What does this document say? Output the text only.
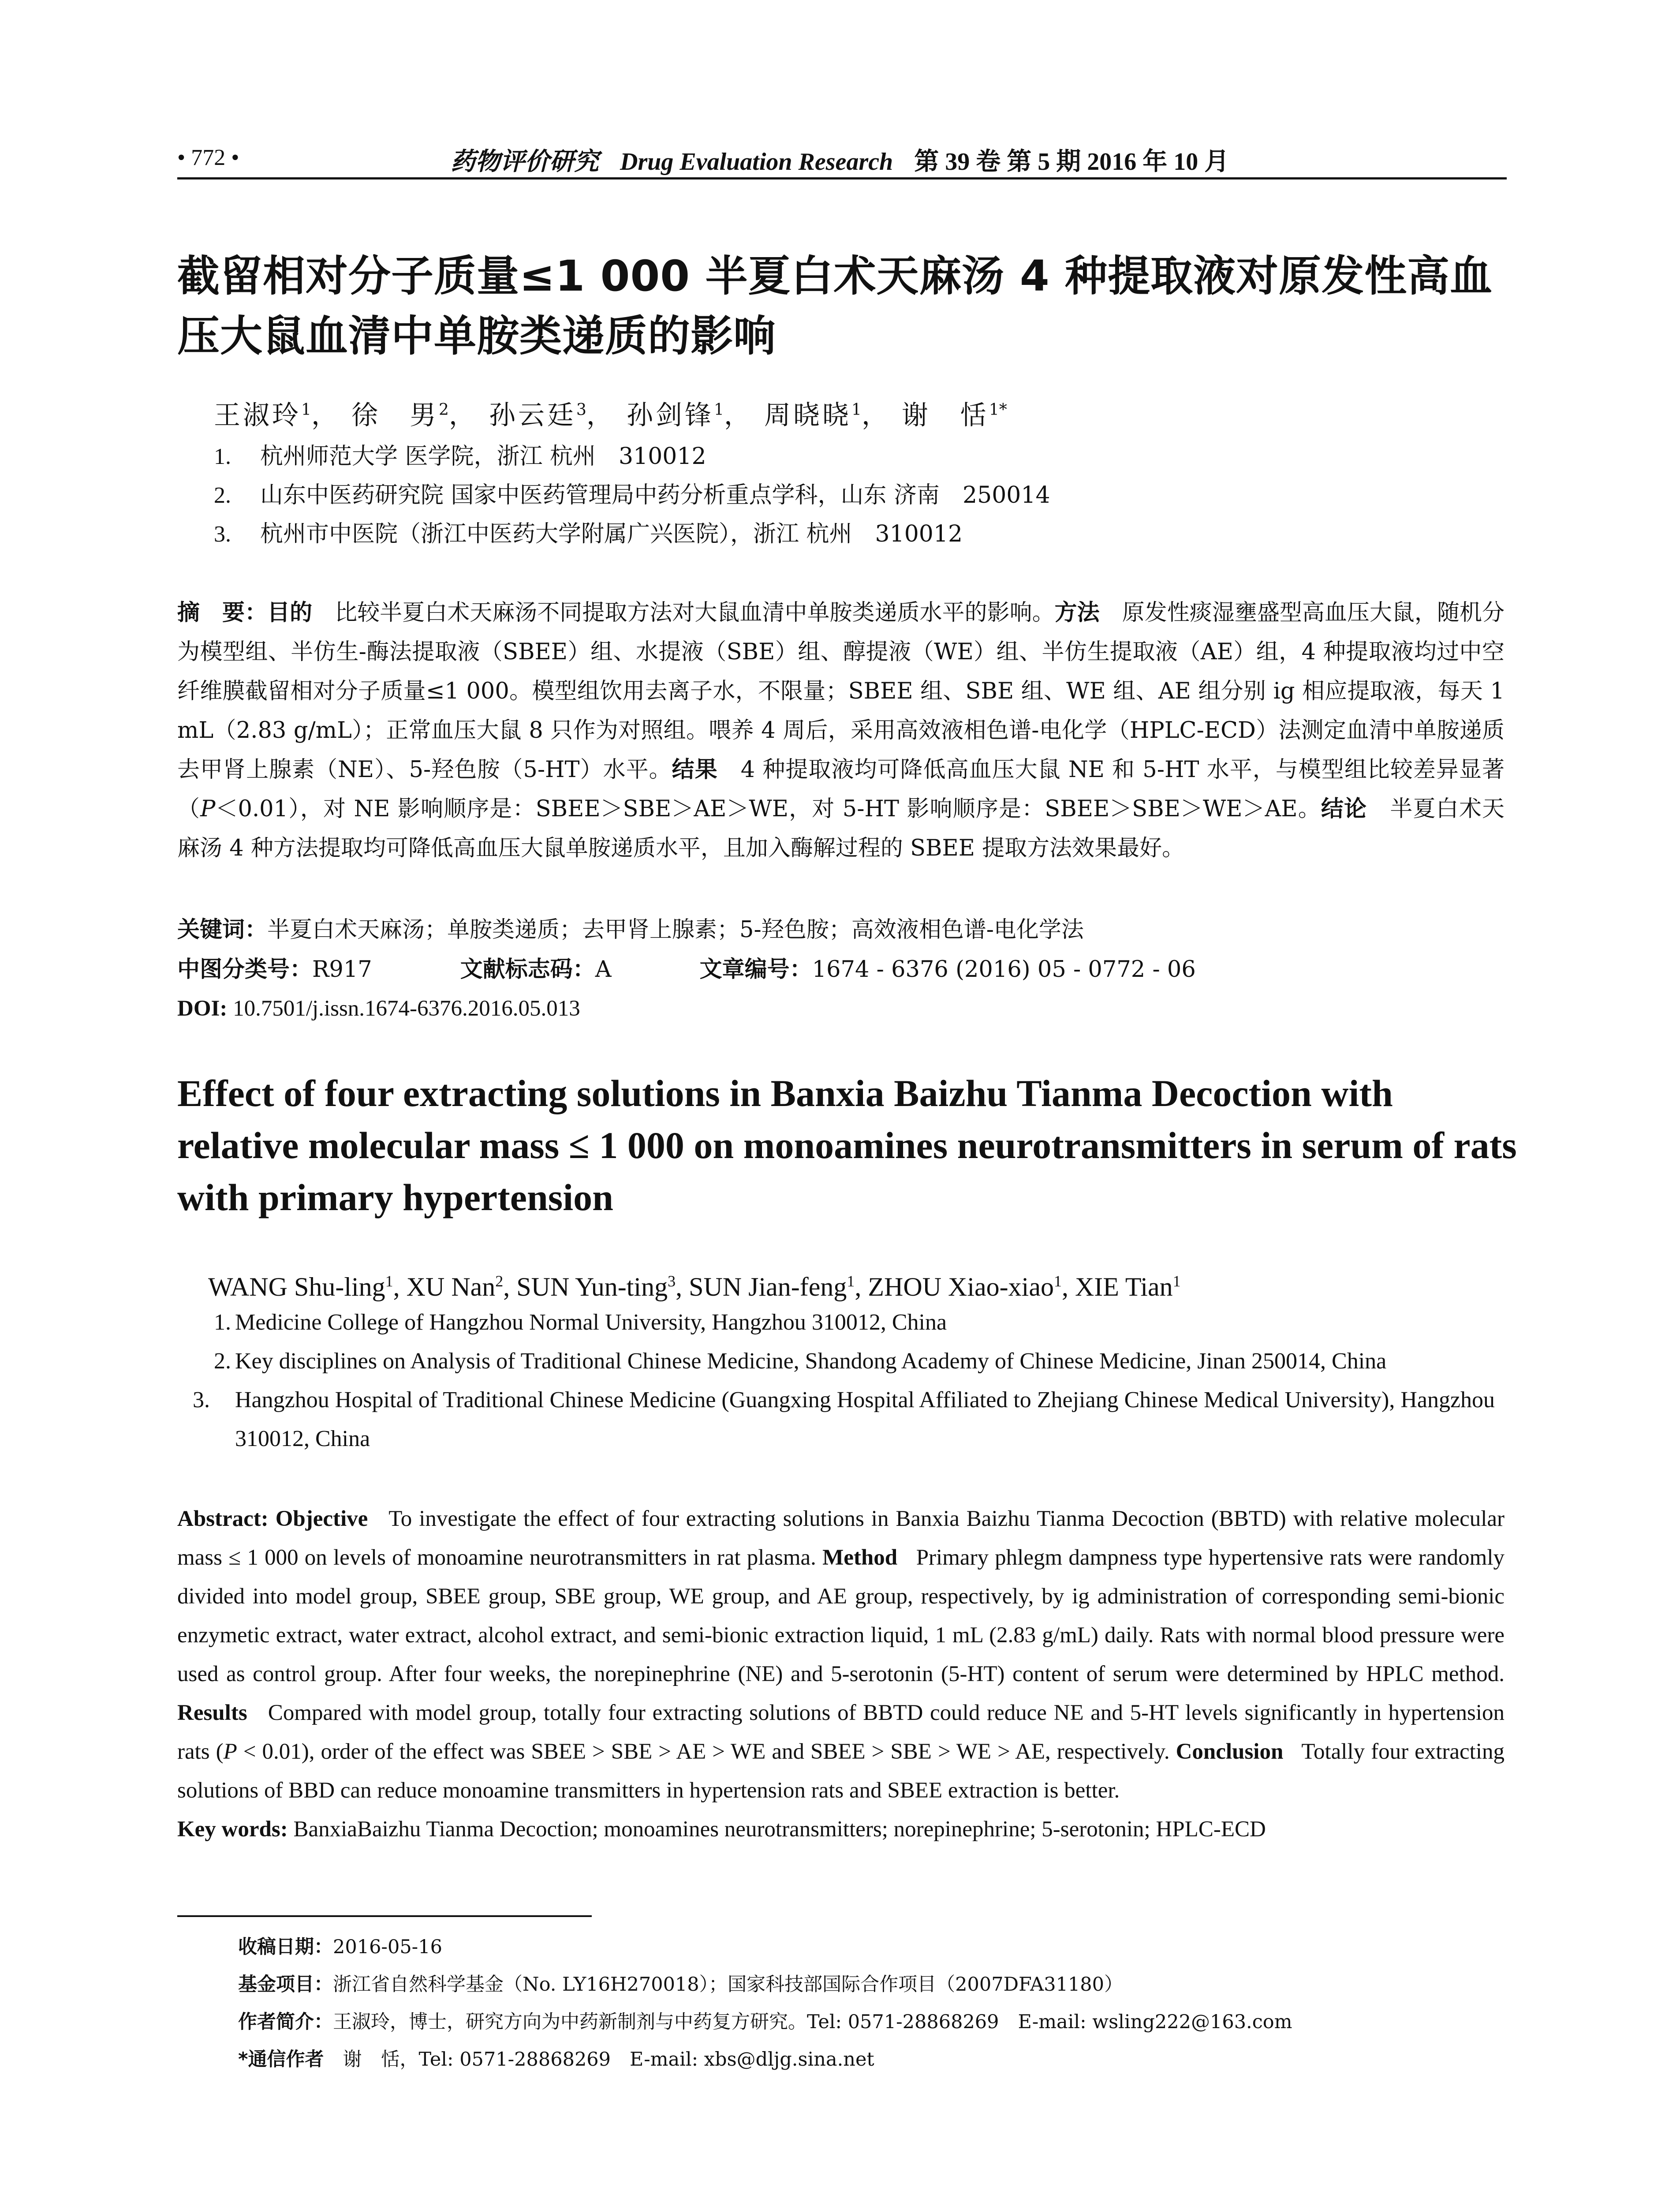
• 772 •	药物评价研究 Drug Evaluation Research 第 39 卷 第 5 期 2016 年 10 月
截留相对分子质量≤1 000 半夏白术天麻汤 4 种提取液对原发性高血压大鼠血清中单胺类递质的影响
王淑玲$^1$， 徐　男$^2$， 孙云廷$^3$， 孙剑锋$^1$， 周晓晓$^1$， 谢　恬$^{1*}$
1. 杭州师范大学 医学院，浙江 杭州　310012
2. 山东中医药研究院 国家中医药管理局中药分析重点学科，山东 济南　250014
3. 杭州市中医院（浙江中医药大学附属广兴医院），浙江 杭州　310012
摘　要：目的　比较半夏白术天麻汤不同提取方法对大鼠血清中单胺类递质水平的影响。方法　原发性痰湿壅盛型高血压大鼠，随机分为模型组、半仿生-酶法提取液（SBEE）组、水提液（SBE）组、醇提液（WE）组、半仿生提取液（AE）组，4 种提取液均过中空纤维膜截留相对分子质量≤1 000。模型组饮用去离子水，不限量；SBEE 组、SBE 组、WE 组、AE 组分别 ig 相应提取液，每天 1 mL（2.83 g/mL）；正常血压大鼠 8 只作为对照组。喂养 4 周后，采用高效液相色谱-电化学（HPLC-ECD）法测定血清中单胺递质去甲肾上腺素（NE）、5-羟色胺（5-HT）水平。结果　4 种提取液均可降低高血压大鼠 NE 和 5-HT 水平，与模型组比较差异显著（P＜0.01），对 NE 影响顺序是：SBEE＞SBE＞AE＞WE，对 5-HT 影响顺序是：SBEE＞SBE＞WE＞AE。结论　半夏白术天麻汤 4 种方法提取均可降低高血压大鼠单胺递质水平，且加入酶解过程的 SBEE 提取方法效果最好。
关键词：半夏白术天麻汤；单胺类递质；去甲肾上腺素；5-羟色胺；高效液相色谱-电化学法
中图分类号：R917	文献标志码：A	文章编号：1674 - 6376 (2016) 05 - 0772 - 06
DOI: 10.7501/j.issn.1674-6376.2016.05.013
Effect of four extracting solutions in Banxia Baizhu Tianma Decoction with relative molecular mass ≤ 1 000 on monoamines neurotransmitters in serum of rats with primary hypertension
WANG Shu-ling$^1$, XU Nan$^2$, SUN Yun-ting$^3$, SUN Jian-feng$^1$, ZHOU Xiao-xiao$^1$, XIE Tian$^1$
1. Medicine College of Hangzhou Normal University, Hangzhou 310012, China
2. Key disciplines on Analysis of Traditional Chinese Medicine, Shandong Academy of Chinese Medicine, Jinan 250014, China
3. Hangzhou Hospital of Traditional Chinese Medicine (Guangxing Hospital Affiliated to Zhejiang Chinese Medical University), Hangzhou 310012, China
Abstract: Objective To investigate the effect of four extracting solutions in Banxia Baizhu Tianma Decoction (BBTD) with relative molecular mass ≤ 1 000 on levels of monoamine neurotransmitters in rat plasma. Method Primary phlegm dampness type hypertensive rats were randomly divided into model group, SBEE group, SBE group, WE group, and AE group, respectively, by ig administration of corresponding semi-bionic enzymetic extract, water extract, alcohol extract, and semi-bionic extraction liquid, 1 mL (2.83 g/mL) daily. Rats with normal blood pressure were used as control group. After four weeks, the norepinephrine (NE) and 5-serotonin (5-HT) content of serum were determined by HPLC method. Results Compared with model group, totally four extracting solutions of BBTD could reduce NE and 5-HT levels significantly in hypertension rats (P < 0.01), order of the effect was SBEE > SBE > AE > WE and SBEE > SBE > WE > AE, respectively. Conclusion Totally four extracting solutions of BBD can reduce monoamine transmitters in hypertension rats and SBEE extraction is better.
Key words: BanxiaBaizhu Tianma Decoction; monoamines neurotransmitters; norepinephrine; 5-serotonin; HPLC-ECD
收稿日期：2016-05-16
基金项目：浙江省自然科学基金（No. LY16H270018）；国家科技部国际合作项目（2007DFA31180）
作者简介：王淑玲，博士，研究方向为中药新制剂与中药复方研究。Tel: 0571-28868269　E-mail: wsling222@163.com
*通信作者　谢　恬，Tel: 0571-28868269　E-mail: xbs@dljg.sina.net
